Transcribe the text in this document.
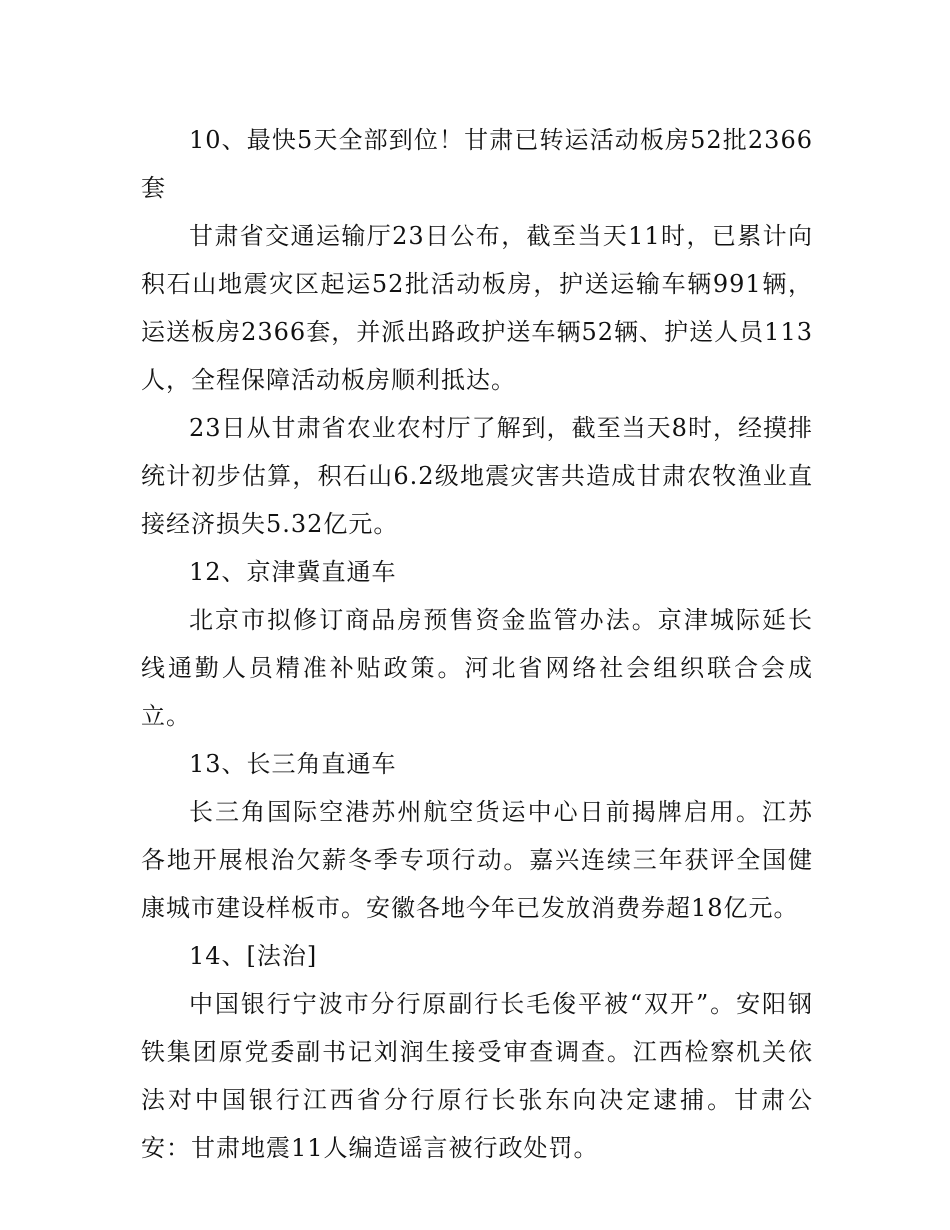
10、最快5天全部到位！甘肃已转运活动板房52批2366套

甘肃省交通运输厅23日公布，截至当天11时，已累计向积石山地震灾区起运52批活动板房，护送运输车辆991辆，运送板房2366套，并派出路政护送车辆52辆、护送人员113人，全程保障活动板房顺利抵达。

23日从甘肃省农业农村厅了解到，截至当天8时，经摸排统计初步估算，积石山6.2级地震灾害共造成甘肃农牧渔业直接经济损失5.32亿元。

12、京津冀直通车

北京市拟修订商品房预售资金监管办法。京津城际延长线通勤人员精准补贴政策。河北省网络社会组织联合会成立。

13、长三角直通车

长三角国际空港苏州航空货运中心日前揭牌启用。江苏各地开展根治欠薪冬季专项行动。嘉兴连续三年获评全国健康城市建设样板市。安徽各地今年已发放消费券超18亿元。

14、[法治]

中国银行宁波市分行原副行长毛俊平被“双开”。安阳钢铁集团原党委副书记刘润生接受审查调查。江西检察机关依法对中国银行江西省分行原行长张东向决定逮捕。甘肃公安：甘肃地震11人编造谣言被行政处罚。
